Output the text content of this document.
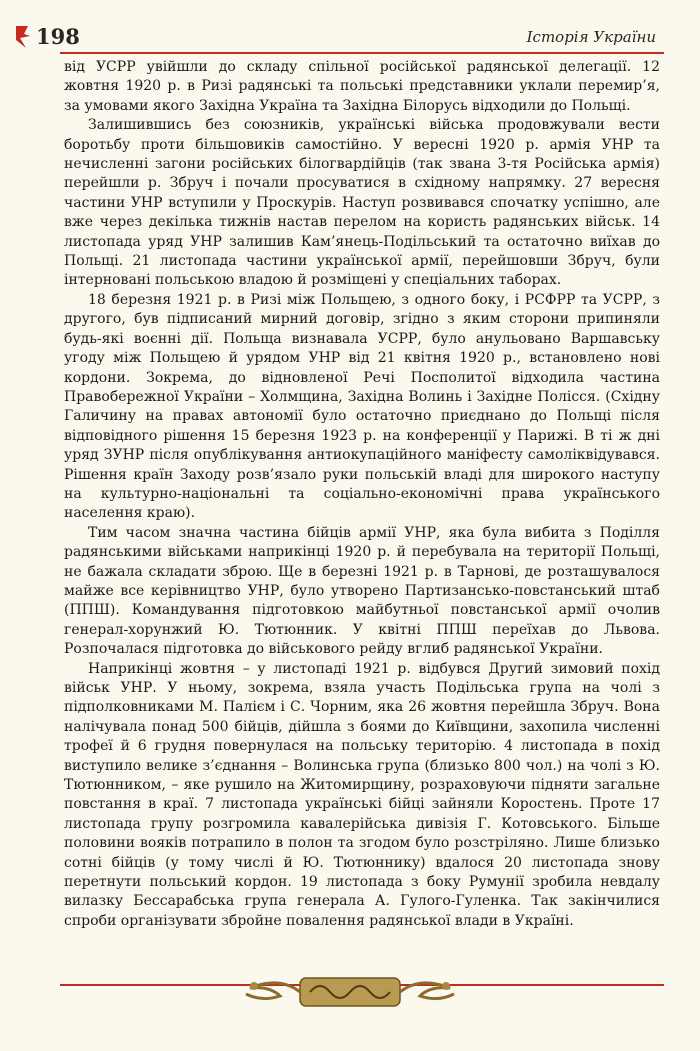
198	Історія України

від УСРР увійшли до складу спільної російської радянської делегації. 12 жовтня 1920 р. в Ризі радянські та польські представники уклали перемир’я, за умовами якого Західна Україна та Західна Білорусь відходили до Польщі.

Залишившись без союзників, українські війська продовжували вести боротьбу проти більшовиків самостійно. У вересні 1920 р. армія УНР та нечисленні загони російських білогвардійців (так звана 3-тя Російська армія) перейшли р. Збруч і почали просуватися в східному напрямку. 27 вересня частини УНР вступили у Проскурів. Наступ розвивався спочатку успішно, але вже через декілька тижнів настав перелом на користь радянських військ. 14 листопада уряд УНР залишив Кам’янець-Подільський та остаточно виїхав до Польщі. 21 листопада частини української армії, перейшовши Збруч, були інтерновані польською владою й розміщені у спеціальних таборах.

18 березня 1921 р. в Ризі між Польщею, з одного боку, і РСФРР та УСРР, з другого, був підписаний мирний договір, згідно з яким сторони припиняли будь-які воєнні дії. Польща визнавала УСРР, було анульовано Варшавську угоду між Польщею й урядом УНР від 21 квітня 1920 р., встановлено нові кордони. Зокрема, до відновленої Речі Посполитої відходила частина Правобережної України – Холмщина, Західна Волинь і Західне Полісся. (Східну Галичину на правах автономії було остаточно приєднано до Польщі після відповідного рішення 15 березня 1923 р. на конференції у Парижі. В ті ж дні уряд ЗУНР після опублікування антиокупаційного маніфесту самоліквідувався. Рішення країн Заходу розв’язало руки польській владі для широкого наступу на культурно-національні та соціально-економічні права українського населення краю).

Тим часом значна частина бійців армії УНР, яка була вибита з Поділля радянськими військами наприкінці 1920 р. й перебувала на території Польщі, не бажала складати зброю. Ще в березні 1921 р. в Тарнові, де розташувалося майже все керівництво УНР, було утворено Партизансько-повстанський штаб (ППШ). Командування підготовкою майбутньої повстанської армії очолив генерал-хорунжий Ю. Тютюнник. У квітні ППШ переїхав до Львова. Розпочалася підготовка до військового рейду вглиб радянської України.

Наприкінці жовтня – у листопаді 1921 р. відбувся Другий зимовий похід військ УНР. У ньому, зокрема, взяла участь Подільська група на чолі з підполковниками М. Палієм і С. Чорним, яка 26 жовтня перейшла Збруч. Вона налічувала понад 500 бійців, дійшла з боями до Київщини, захопила численні трофеї й 6 грудня повернулася на польську територію. 4 листопада в похід виступило велике з’єднання – Волинська група (близько 800 чол.) на чолі з Ю. Тютюнником, – яке рушило на Житомирщину, розраховуючи підняти загальне повстання в краї. 7 листопада українські бійці зайняли Коростень. Проте 17 листопада групу розгромила кавалерійська дивізія Г. Котовського. Більше половини вояків потрапило в полон та згодом було розстріляно. Лише близько сотні бійців (у тому числі й Ю. Тютюннику) вдалося 20 листопада знову перетнути польський кордон. 19 листопада з боку Румунії зробила невдалу вилазку Бессарабська група генерала А. Гулого-Гуленка. Так закінчилися спроби організувати збройне повалення радянської влади в Україні.
